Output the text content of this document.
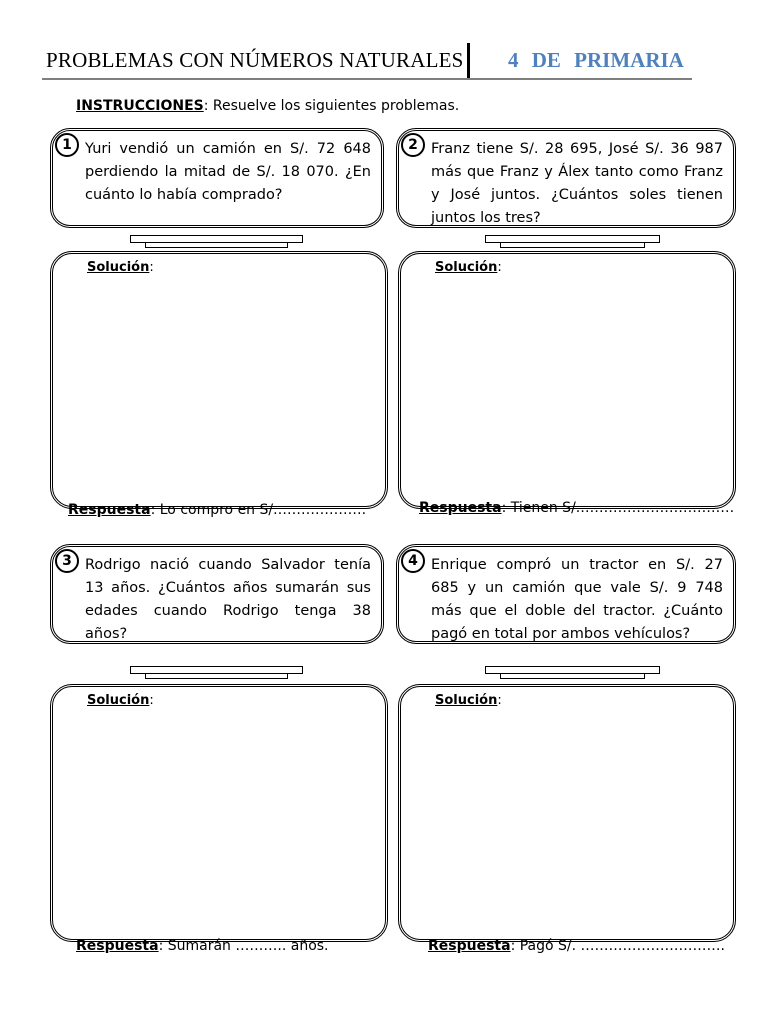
PROBLEMAS CON NÚMEROS NATURALES 4 DE PRIMARIA
INSTRUCCIONES: Resuelve los siguientes problemas.
1 Yuri vendió un camión en S/. 72 648 perdiendo la mitad de S/. 18 070. ¿En cuánto lo había comprado?
Solución:
Respuesta: Lo compro en S/.……………….
2 Franz tiene S/. 28 695, José S/. 36 987 más que Franz y Álex tanto como Franz y José juntos. ¿Cuántos soles tienen juntos los tres?
Solución:
Respuesta: Tienen S/.……………………………
3 Rodrigo nació cuando Salvador tenía 13 años. ¿Cuántos años sumarán sus edades cuando Rodrigo tenga 38 años?
Solución:
Respuesta: Sumarán ……….. años.
4 Enrique compró un tractor en S/. 27 685 y un camión que vale S/. 9 748 más que el doble del tractor. ¿Cuánto pagó en total por ambos vehículos?
Solución:
Respuesta: Pagó S/. ………………………….
